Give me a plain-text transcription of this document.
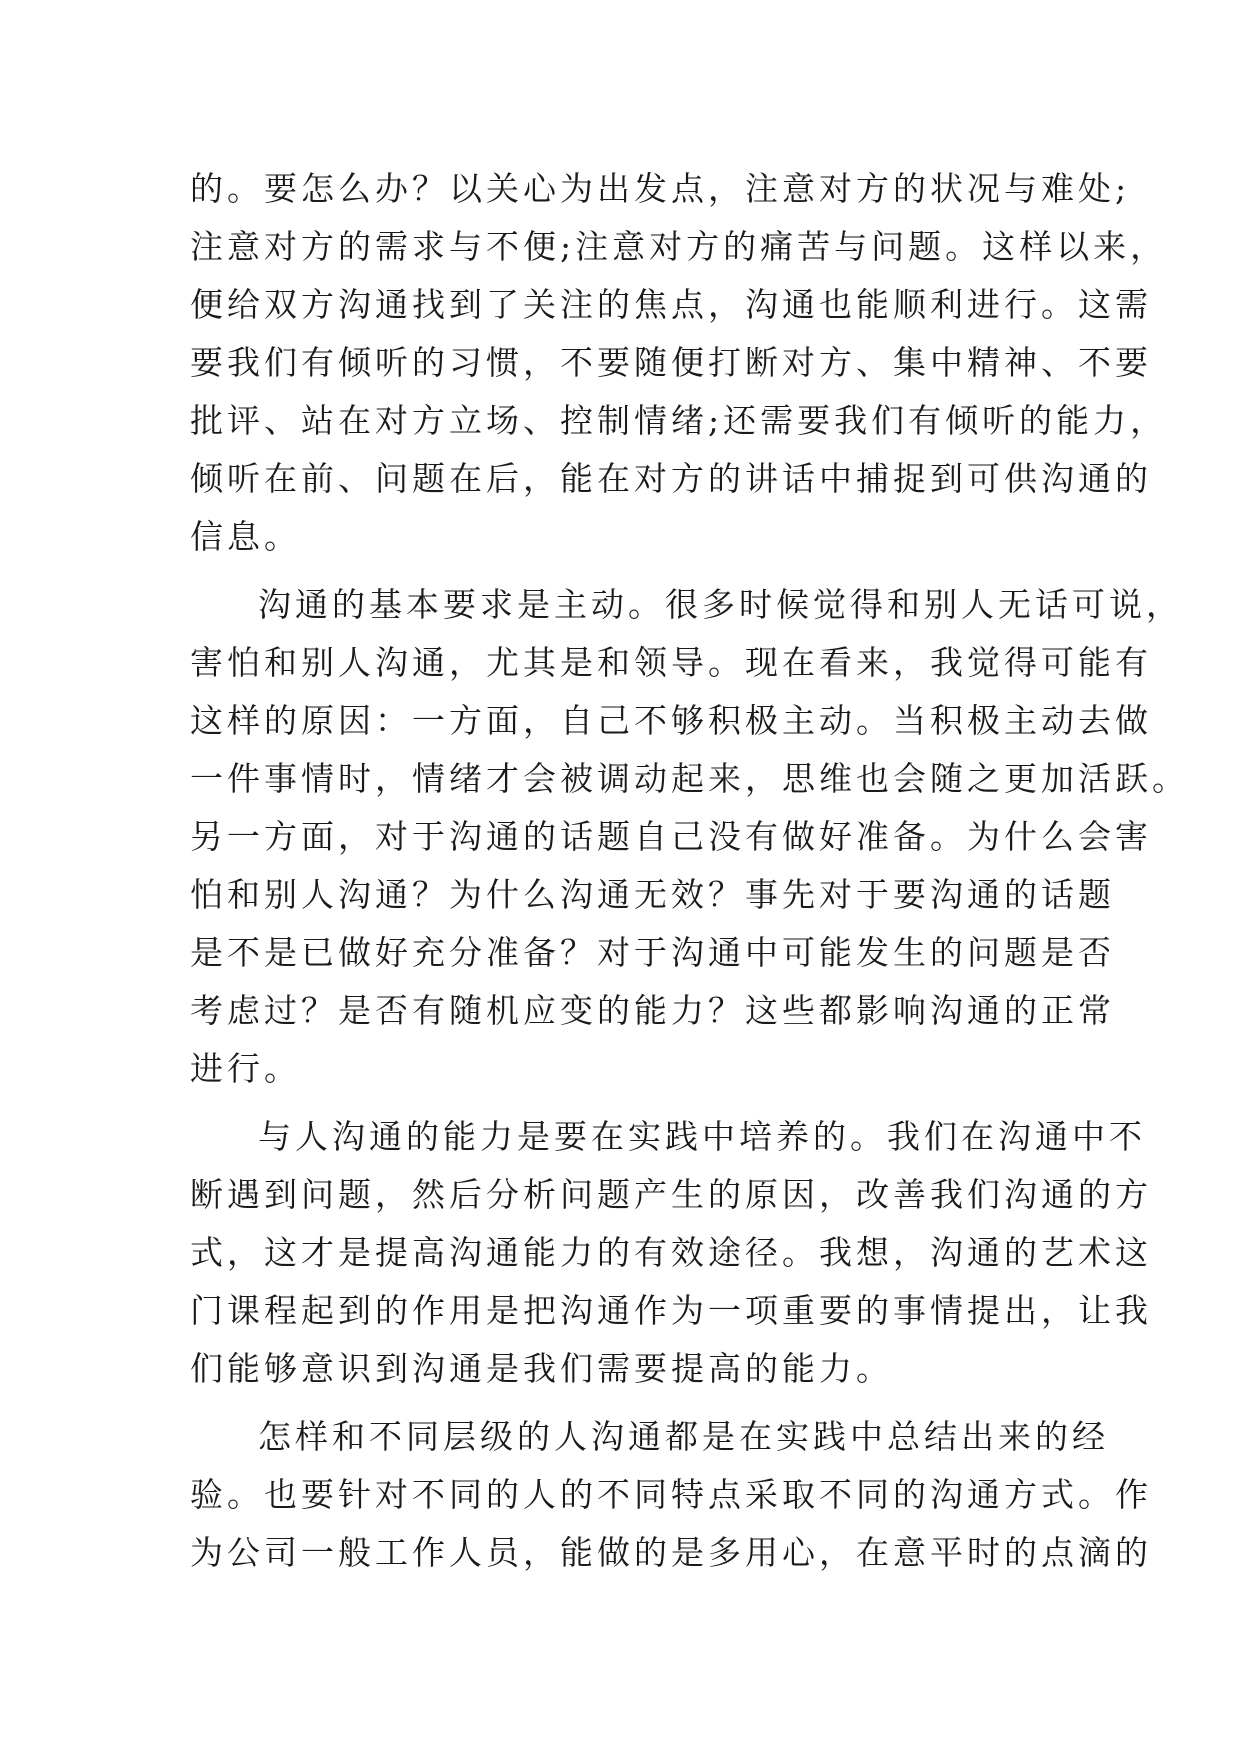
的。要怎么办？以关心为出发点，注意对方的状况与难处;
注意对方的需求与不便;注意对方的痛苦与问题。这样以来，
便给双方沟通找到了关注的焦点，沟通也能顺利进行。这需
要我们有倾听的习惯，不要随便打断对方、集中精神、不要
批评、站在对方立场、控制情绪;还需要我们有倾听的能力，
倾听在前、问题在后，能在对方的讲话中捕捉到可供沟通的
信息。
沟通的基本要求是主动。很多时候觉得和别人无话可说，
害怕和别人沟通，尤其是和领导。现在看来，我觉得可能有
这样的原因：一方面，自己不够积极主动。当积极主动去做
一件事情时，情绪才会被调动起来，思维也会随之更加活跃。
另一方面，对于沟通的话题自己没有做好准备。为什么会害
怕和别人沟通？为什么沟通无效？事先对于要沟通的话题
是不是已做好充分准备？对于沟通中可能发生的问题是否
考虑过？是否有随机应变的能力？这些都影响沟通的正常
进行。
与人沟通的能力是要在实践中培养的。我们在沟通中不
断遇到问题，然后分析问题产生的原因，改善我们沟通的方
式，这才是提高沟通能力的有效途径。我想，沟通的艺术这
门课程起到的作用是把沟通作为一项重要的事情提出，让我
们能够意识到沟通是我们需要提高的能力。
怎样和不同层级的人沟通都是在实践中总结出来的经
验。也要针对不同的人的不同特点采取不同的沟通方式。作
为公司一般工作人员，能做的是多用心，在意平时的点滴的
